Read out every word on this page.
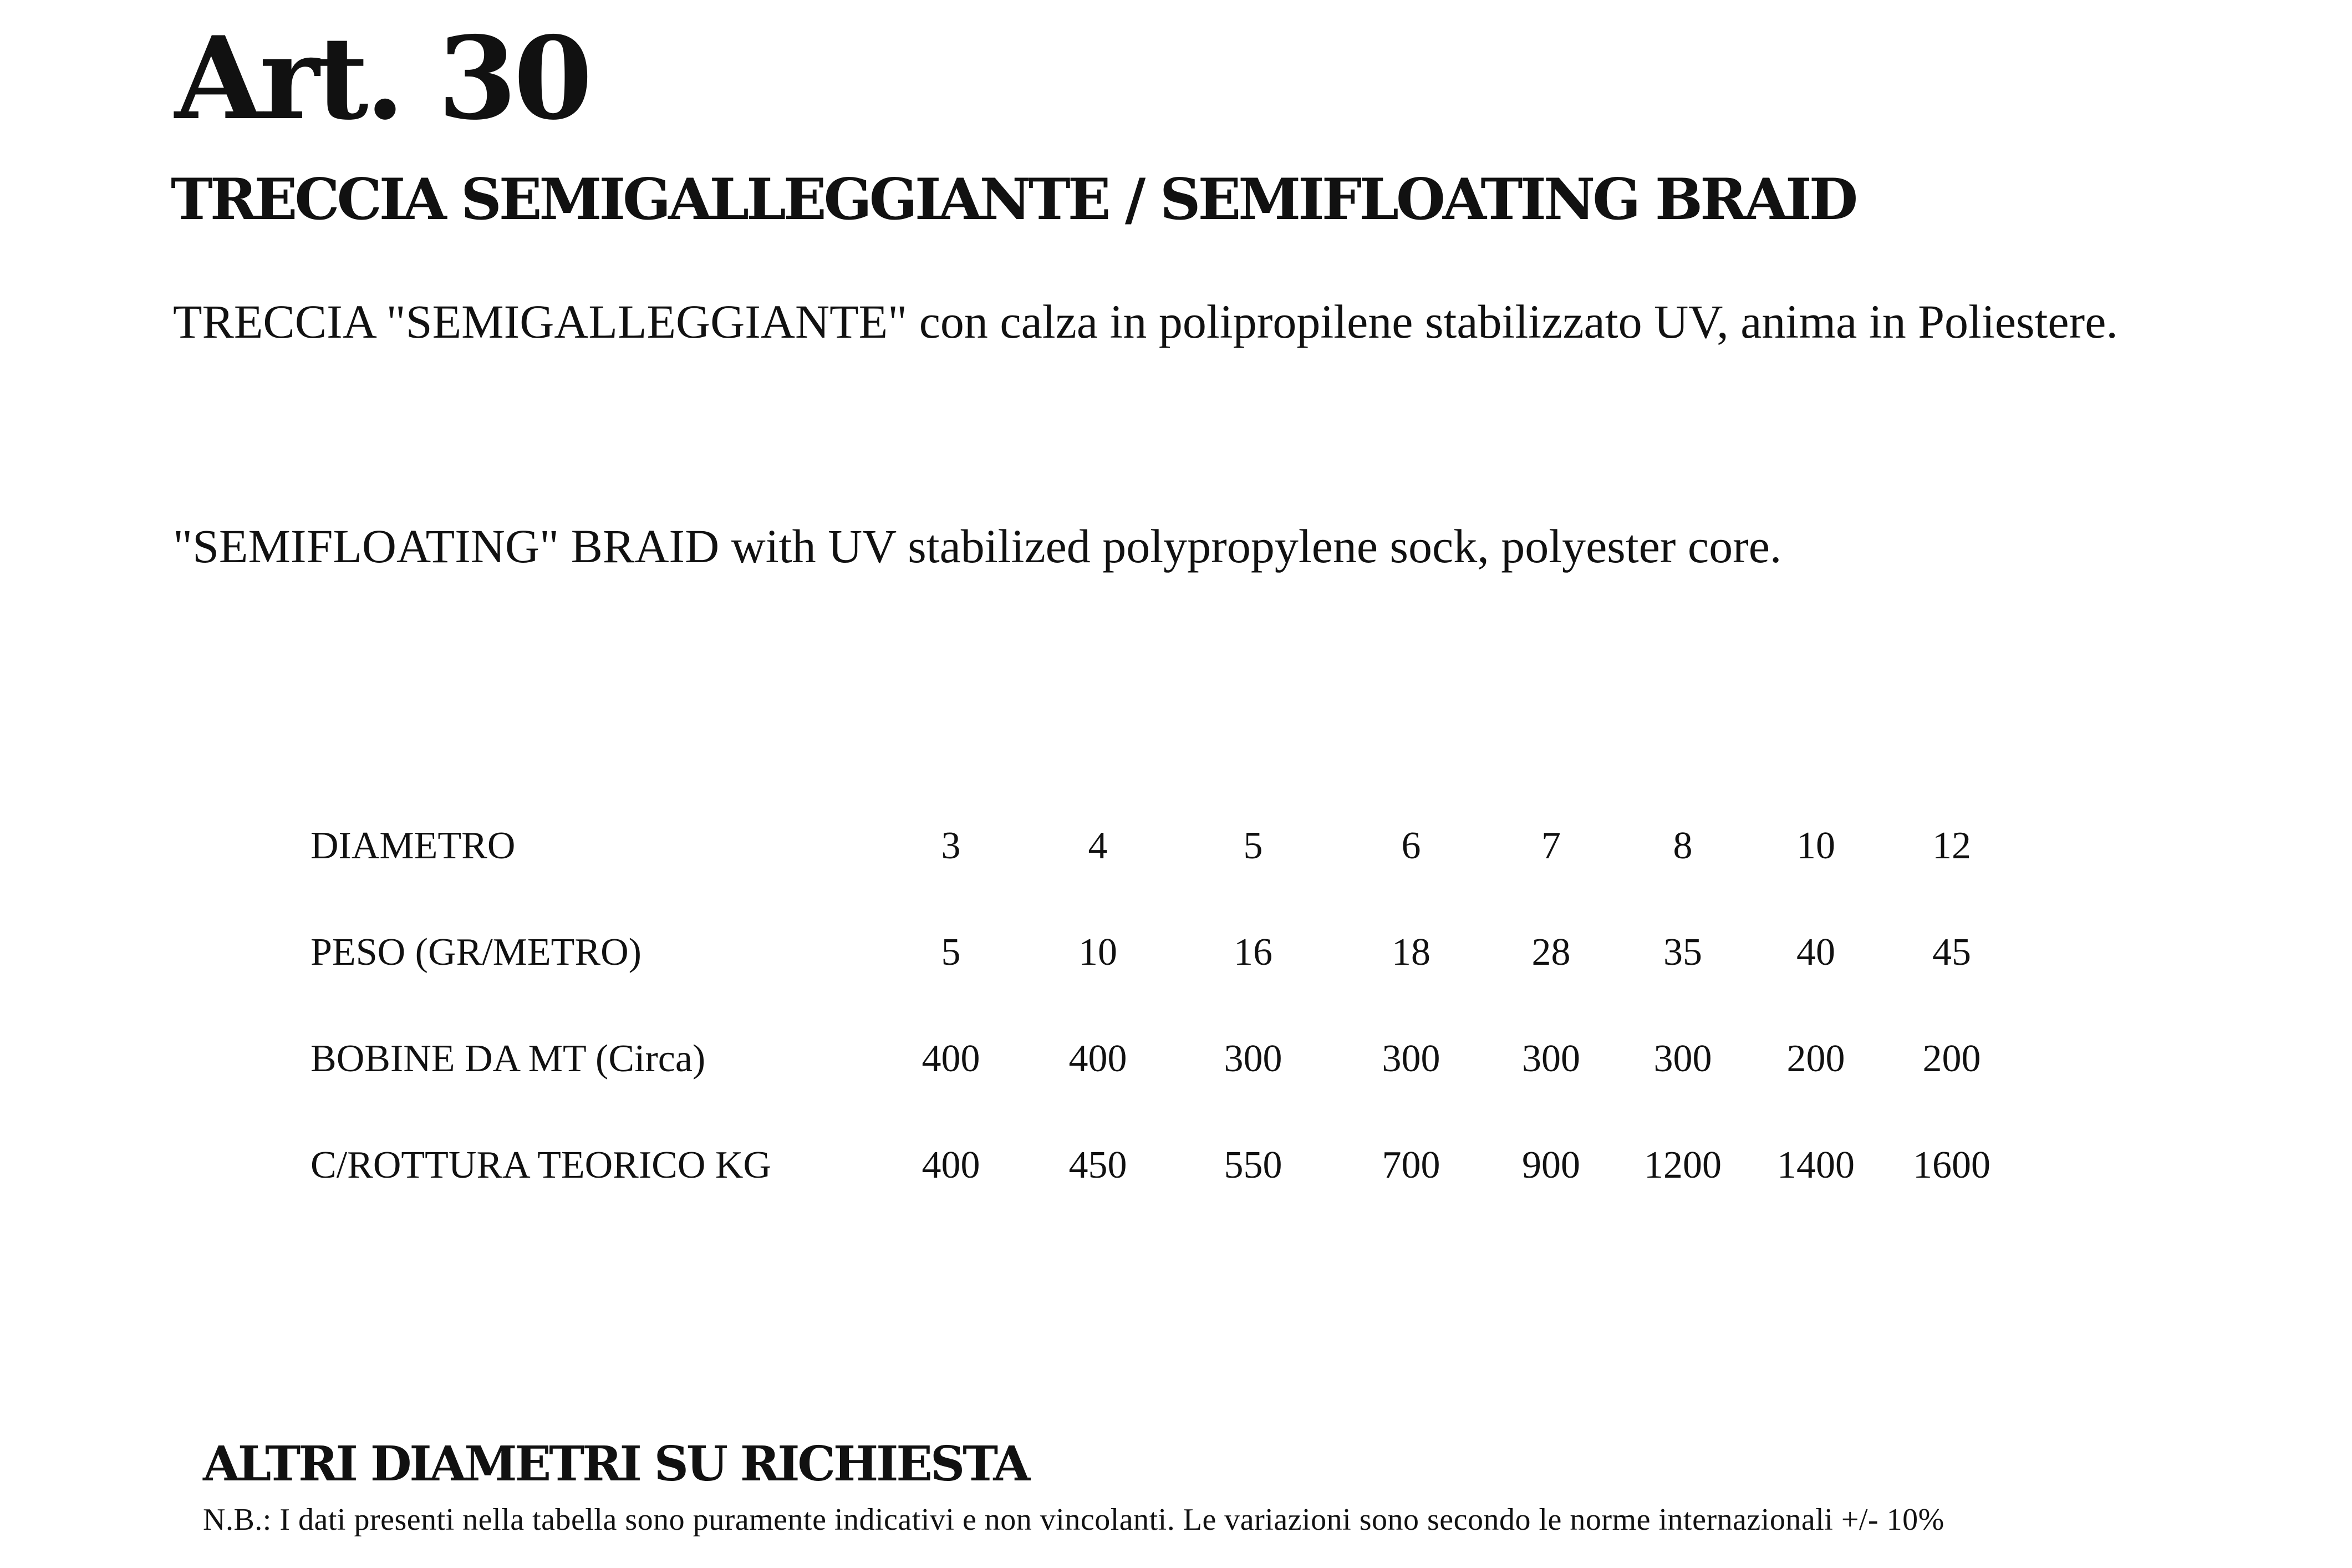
Art. 30
TRECCIA SEMIGALLEGGIANTE / SEMIFLOATING BRAID

TRECCIA "SEMIGALLEGGIANTE" con calza in polipropilene stabilizzato UV, anima in Poliestere.

"SEMIFLOATING" BRAID with UV stabilized polypropylene sock, polyester core.

DIAMETRO	3	4	5	6	7	8	10	12
PESO (GR/METRO)	5	10	16	18	28	35	40	45
BOBINE DA MT (Circa)	400	400	300	300	300	300	200	200
C/ROTTURA TEORICO KG	400	450	550	700	900	1200	1400	1600
ALTRI DIAMETRI SU RICHIESTA
N.B.: I dati presenti nella tabella sono puramente indicativi e non vincolanti. Le variazioni sono secondo le norme internazionali +/- 10%
